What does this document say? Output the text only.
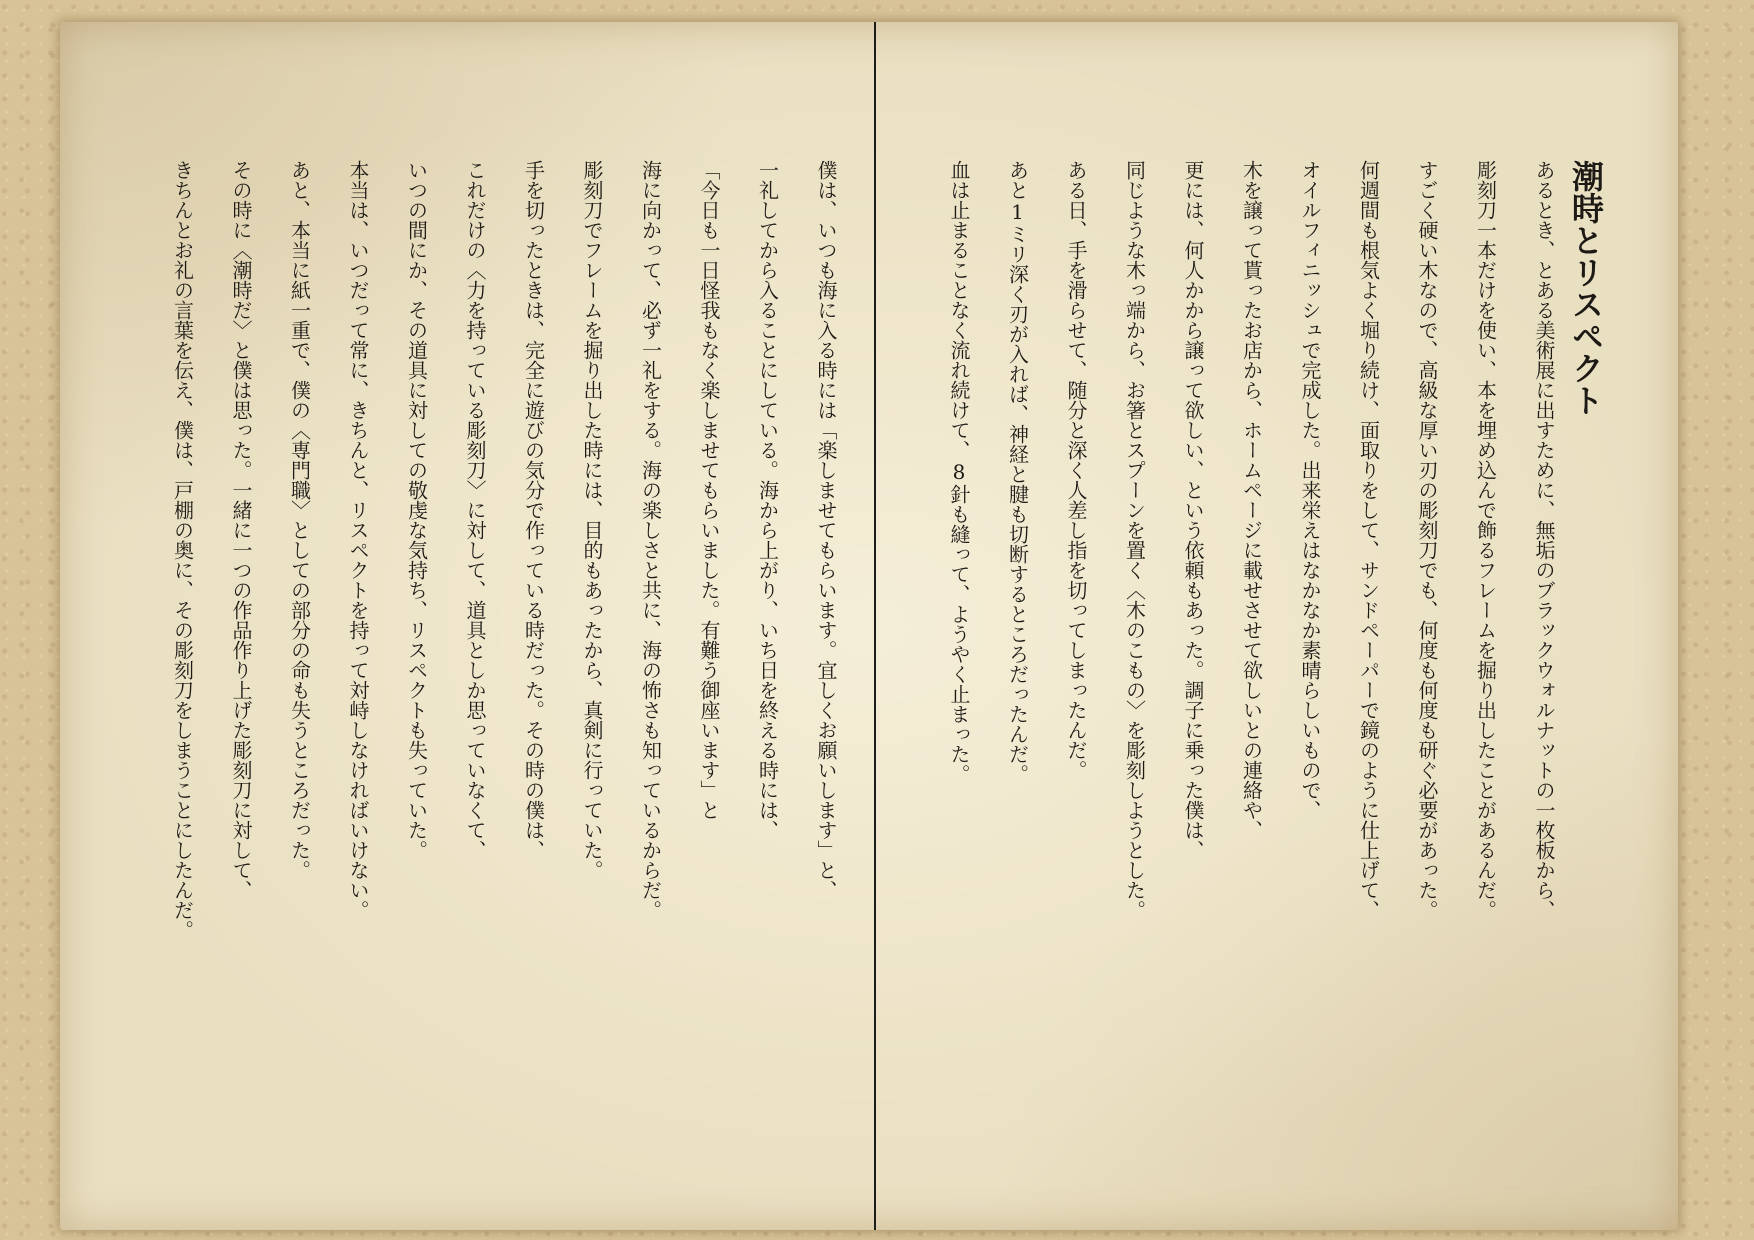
潮時とリスペクト
あるとき、とある美術展に出すために、無垢のブラックウォルナットの一枚板から、
彫刻刀一本だけを使い、本を埋め込んで飾るフレームを掘り出したことがあるんだ。
すごく硬い木なので、高級な厚い刃の彫刻刀でも、何度も何度も研ぐ必要があった。
何週間も根気よく堀り続け、面取りをして、サンドペーパーで鏡のように仕上げて、
オイルフィニッシュで完成した。出来栄えはなかなか素晴らしいもので、
木を譲って貰ったお店から、ホームページに載せさせて欲しいとの連絡や、
更には、何人かから譲って欲しい、という依頼もあった。調子に乗った僕は、
同じような木っ端から、お箸とスプーンを置く〈木のこもの〉を彫刻しようとした。
ある日、手を滑らせて、随分と深く人差し指を切ってしまったんだ。
あと1ミリ深く刃が入れば、神経と腱も切断するところだったんだ。
血は止まることなく流れ続けて、8針も縫って、ようやく止まった。
僕は、いつも海に入る時には「楽しませてもらいます。宜しくお願いします」と、
一礼してから入ることにしている。海から上がり、いち日を終える時には、
「今日も一日怪我もなく楽しませてもらいました。有難う御座います」と
海に向かって、必ず一礼をする。海の楽しさと共に、海の怖さも知っているからだ。
彫刻刀でフレームを掘り出した時には、目的もあったから、真剣に行っていた。
手を切ったときは、完全に遊びの気分で作っている時だった。その時の僕は、
これだけの〈力を持っている彫刻刀〉に対して、道具としか思っていなくて、
いつの間にか、その道具に対しての敬虔な気持ち、リスペクトも失っていた。
本当は、いつだって常に、きちんと、リスペクトを持って対峙しなければいけない。
あと、本当に紙一重で、僕の〈専門職〉としての部分の命も失うところだった。
その時に〈潮時だ〉と僕は思った。一緒に一つの作品作り上げた彫刻刀に対して、
きちんとお礼の言葉を伝え、僕は、戸棚の奥に、その彫刻刀をしまうことにしたんだ。
